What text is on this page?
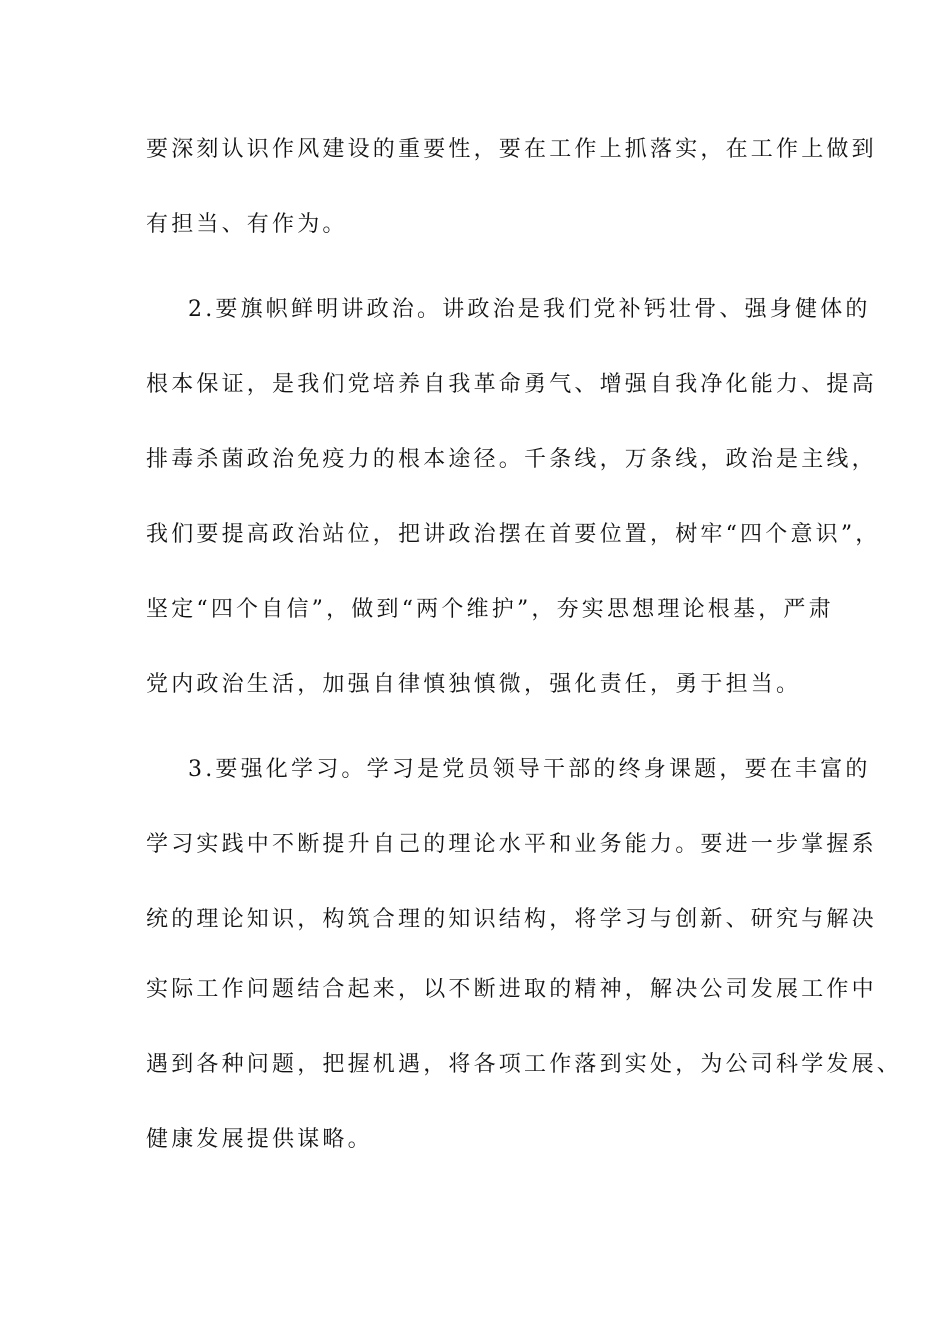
要深刻认识作风建设的重要性，要在工作上抓落实，在工作上做到
有担当、有作为。
2.要旗帜鲜明讲政治。讲政治是我们党补钙壮骨、强身健体的
根本保证，是我们党培养自我革命勇气、增强自我净化能力、提高
排毒杀菌政治免疫力的根本途径。千条线，万条线，政治是主线，
我们要提高政治站位，把讲政治摆在首要位置，树牢“四个意识”，
坚定“四个自信”，做到“两个维护”，夯实思想理论根基，严肃
党内政治生活，加强自律慎独慎微，强化责任，勇于担当。
3.要强化学习。学习是党员领导干部的终身课题，要在丰富的
学习实践中不断提升自己的理论水平和业务能力。要进一步掌握系
统的理论知识，构筑合理的知识结构，将学习与创新、研究与解决
实际工作问题结合起来，以不断进取的精神，解决公司发展工作中
遇到各种问题，把握机遇，将各项工作落到实处，为公司科学发展、
健康发展提供谋略。
